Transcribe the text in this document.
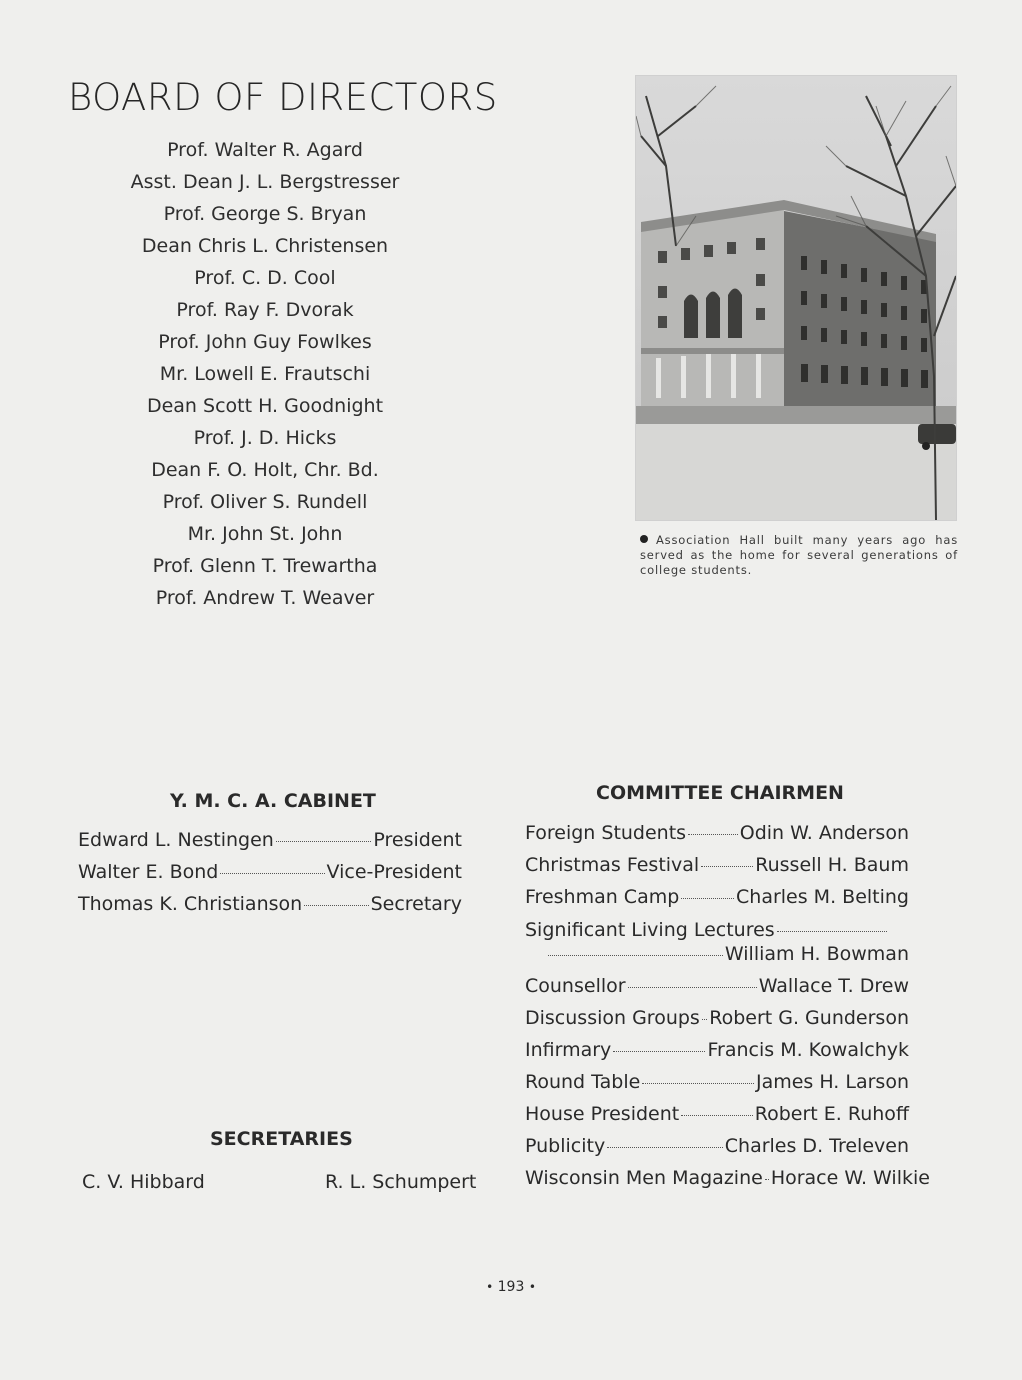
BOARD OF DIRECTORS
Prof. Walter R. Agard
Asst. Dean J. L. Bergstresser
Prof. George S. Bryan
Dean Chris L. Christensen
Prof. C. D. Cool
Prof. Ray F. Dvorak
Prof. John Guy Fowlkes
Mr. Lowell E. Frautschi
Dean Scott H. Goodnight
Prof. J. D. Hicks
Dean F. O. Holt, Chr. Bd.
Prof. Oliver S. Rundell
Mr. John St. John
Prof. Glenn T. Trewartha
Prof. Andrew T. Weaver

Association Hall built many years ago has served as the home for several generations of college students.

Y. M. C. A. CABINET
Edward L. Nestingen	President
Walter E. Bond	Vice-President
Thomas K. Christianson	Secretary
COMMITTEE CHAIRMEN
Foreign Students	Odin W. Anderson
Christmas Festival	Russell H. Baum
Freshman Camp	Charles M. Belting
Significant Living Lectures
William H. Bowman
Counsellor	Wallace T. Drew
Discussion Groups Robert G. Gunderson
Infirmary	Francis M. Kowalchyk
Round Table	James H. Larson
House President	Robert E. Ruhoff
Publicity	Charles D. Treleven
Wisconsin Men Magazine Horace W. Wilkie
SECRETARIES
C. V. Hibbard	R. L. Schumpert
• 193 •
